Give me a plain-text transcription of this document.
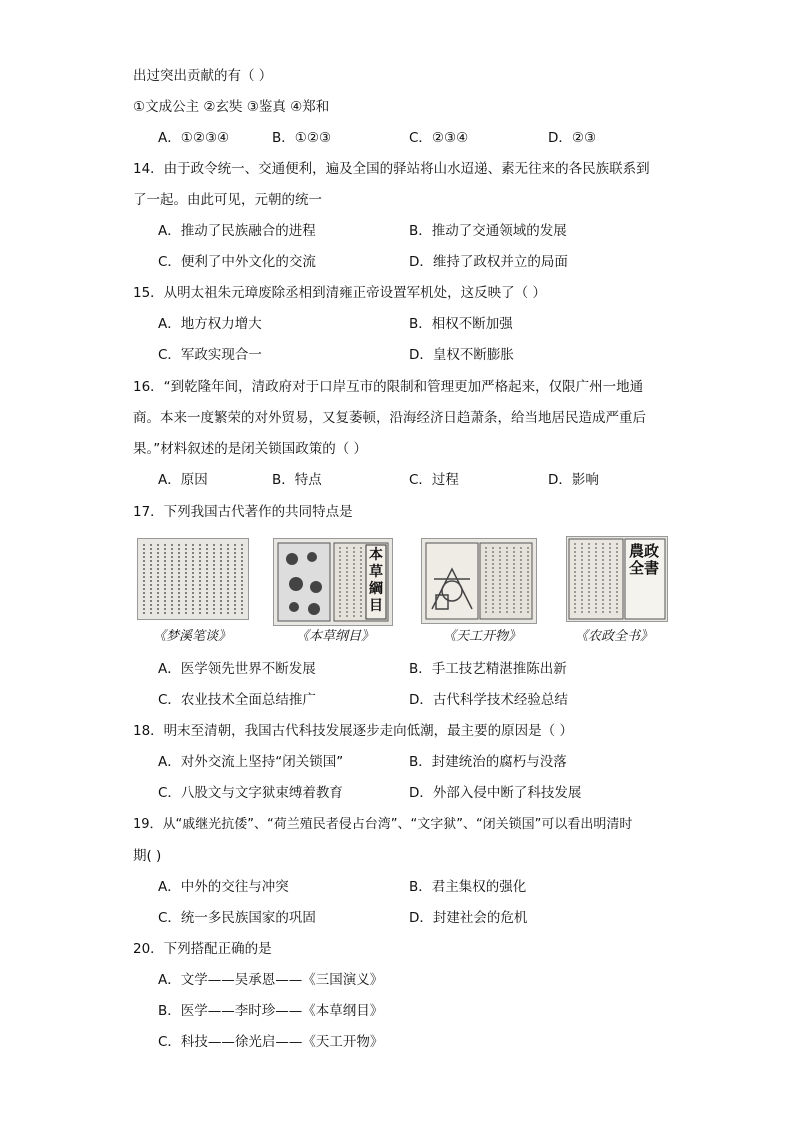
出过突出贡献的有（ ）
①文成公主 ②玄奘 ③鉴真 ④郑和
A．①②③④	B．①②③	C．②③④	D．②③
14．由于政令统一、交通便利，遍及全国的驿站将山水迢递、素无往来的各民族联系到
了一起。由此可见，元朝的统一
A．推动了民族融合的进程	B．推动了交通领域的发展
C．便利了中外文化的交流	D．维持了政权并立的局面
15．从明太祖朱元璋废除丞相到清雍正帝设置军机处，这反映了（ ）
A．地方权力增大	B．相权不断加强
C．军政实现合一	D．皇权不断膨胀
16．“到乾隆年间，清政府对于口岸互市的限制和管理更加严格起来，仅限广州一地通
商。本来一度繁荣的对外贸易，又复萎顿，沿海经济日趋萧条，给当地居民造成严重后
果。”材料叙述的是闭关锁国政策的（ ）
A．原因	B．特点	C．过程	D．影响
17．下列我国古代著作的共同特点是
《梦溪笔谈》
本草綱目
《本草纲目》	《天工开物》
農政全書
《农政全书》
A．医学领先世界不断发展	B．手工技艺精湛推陈出新
C．农业技术全面总结推广	D．古代科学技术经验总结
18．明末至清朝，我国古代科技发展逐步走向低潮，最主要的原因是（ ）
A．对外交流上坚持“闭关锁国”	B．封建统治的腐朽与没落
C．八股文与文字狱束缚着教育	D．外部入侵中断了科技发展
19．从“戚继光抗倭”、“荷兰殖民者侵占台湾”、“文字狱”、“闭关锁国”可以看出明清时
期( )
A．中外的交往与冲突	B．君主集权的强化
C．统一多民族国家的巩固	D．封建社会的危机
20．下列搭配正确的是
A．文学——吴承恩——《三国演义》
B．医学——李时珍——《本草纲目》
C．科技——徐光启——《天工开物》
